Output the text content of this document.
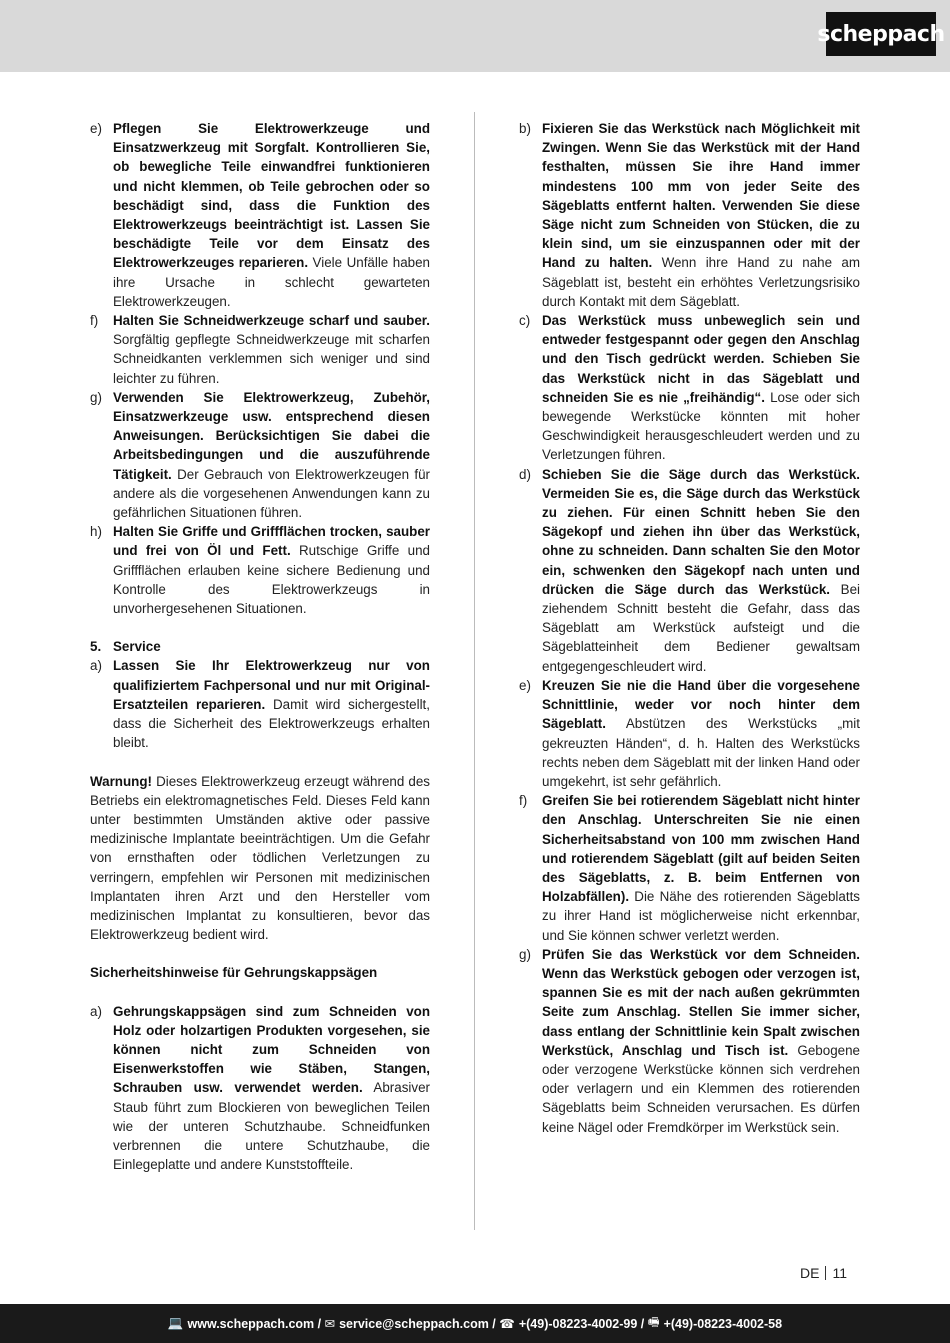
scheppach
e) Pflegen Sie Elektrowerkzeuge und Einsatzwerkzeug mit Sorgfalt. Kontrollieren Sie, ob bewegliche Teile einwandfrei funktionieren und nicht klemmen, ob Teile gebrochen oder so beschädigt sind, dass die Funktion des Elektrowerkzeugs beeinträchtigt ist. Lassen Sie beschädigte Teile vor dem Einsatz des Elektrowerkzeuges reparieren. Viele Unfälle haben ihre Ursache in schlecht gewarteten Elektrowerkzeugen.
f)	Halten Sie Schneidwerkzeuge scharf und sauber. Sorgfältig gepflegte Schneidwerkzeuge mit scharfen Schneidkanten verklemmen sich weniger und sind leichter zu führen.
g) Verwenden Sie Elektrowerkzeug, Zubehör, Einsatzwerkzeuge usw. entsprechend diesen Anweisungen. Berücksichtigen Sie dabei die Arbeitsbedingungen und die auszuführende Tätigkeit. Der Gebrauch von Elektrowerkzeugen für andere als die vorgesehenen Anwendungen kann zu gefährlichen Situationen führen.
h) Halten Sie Griffe und Griffflächen trocken, sauber und frei von Öl und Fett. Rutschige Griffe und Griffflächen erlauben keine sichere Bedienung und Kontrolle des Elektrowerkzeugs in unvorhergesehenen Situationen.
5. Service
a) Lassen Sie Ihr Elektrowerkzeug nur von qualifiziertem Fachpersonal und nur mit Original-Ersatzteilen reparieren. Damit wird sichergestellt, dass die Sicherheit des Elektrowerkzeugs erhalten bleibt.
Warnung! Dieses Elektrowerkzeug erzeugt während des Betriebs ein elektromagnetisches Feld. Dieses Feld kann unter bestimmten Umständen aktive oder passive medizinische Implantate beeinträchtigen. Um die Gefahr von ernsthaften oder tödlichen Verletzungen zu verringern, empfehlen wir Personen mit medizinischen Implantaten ihren Arzt und den Hersteller vom medizinischen Implantat zu konsultieren, bevor das Elektrowerkzeug bedient wird.
Sicherheitshinweise für Gehrungskappsägen
a) Gehrungskappsägen sind zum Schneiden von Holz oder holzartigen Produkten vorgesehen, sie können nicht zum Schneiden von Eisenwerkstoffen wie Stäben, Stangen, Schrauben usw. verwendet werden. Abrasiver Staub führt zum Blockieren von beweglichen Teilen wie der unteren Schutzhaube. Schneidfunken verbrennen die untere Schutzhaube, die Einlegeplatte und andere Kunststoffteile.
b) Fixieren Sie das Werkstück nach Möglichkeit mit Zwingen. Wenn Sie das Werkstück mit der Hand festhalten, müssen Sie ihre Hand immer mindestens 100 mm von jeder Seite des Sägeblatts entfernt halten. Verwenden Sie diese Säge nicht zum Schneiden von Stücken, die zu klein sind, um sie einzuspannen oder mit der Hand zu halten. Wenn ihre Hand zu nahe am Sägeblatt ist, besteht ein erhöhtes Verletzungsrisiko durch Kontakt mit dem Sägeblatt.
c) Das Werkstück muss unbeweglich sein und entweder festgespannt oder gegen den Anschlag und den Tisch gedrückt werden. Schieben Sie das Werkstück nicht in das Sägeblatt und schneiden Sie es nie „freihändig“. Lose oder sich bewegende Werkstücke könnten mit hoher Geschwindigkeit herausgeschleudert werden und zu Verletzungen führen.
d) Schieben Sie die Säge durch das Werkstück. Vermeiden Sie es, die Säge durch das Werkstück zu ziehen. Für einen Schnitt heben Sie den Sägekopf und ziehen ihn über das Werkstück, ohne zu schneiden. Dann schalten Sie den Motor ein, schwenken den Sägekopf nach unten und drücken die Säge durch das Werkstück. Bei ziehendem Schnitt besteht die Gefahr, dass das Sägeblatt am Werkstück aufsteigt und die Sägeblatteinheit dem Bediener gewaltsam entgegengeschleudert wird.
e) Kreuzen Sie nie die Hand über die vorgesehene Schnittlinie, weder vor noch hinter dem Sägeblatt. Abstützen des Werkstücks „mit gekreuzten Händen“, d. h. Halten des Werkstücks rechts neben dem Sägeblatt mit der linken Hand oder umgekehrt, ist sehr gefährlich.
f)	Greifen Sie bei rotierendem Sägeblatt nicht hinter den Anschlag. Unterschreiten Sie nie einen Sicherheitsabstand von 100 mm zwischen Hand und rotierendem Sägeblatt (gilt auf beiden Seiten des Sägeblatts, z. B. beim Entfernen von Holzabfällen). Die Nähe des rotierenden Sägeblatts zu ihrer Hand ist möglicherweise nicht erkennbar, und Sie können schwer verletzt werden.
g) Prüfen Sie das Werkstück vor dem Schneiden. Wenn das Werkstück gebogen oder verzogen ist, spannen Sie es mit der nach außen gekrümmten Seite zum Anschlag. Stellen Sie immer sicher, dass entlang der Schnittlinie kein Spalt zwischen Werkstück, Anschlag und Tisch ist. Gebogene oder verzogene Werkstücke können sich verdrehen oder verlagern und ein Klemmen des rotierenden Sägeblatts beim Schneiden verursachen. Es dürfen keine Nägel oder Fremdkörper im Werkstück sein.
DE 11
💻 www.scheppach.com / ✉ service@scheppach.com / ☎ +(49)-08223-4002-99 / 🖷 +(49)-08223-4002-58
